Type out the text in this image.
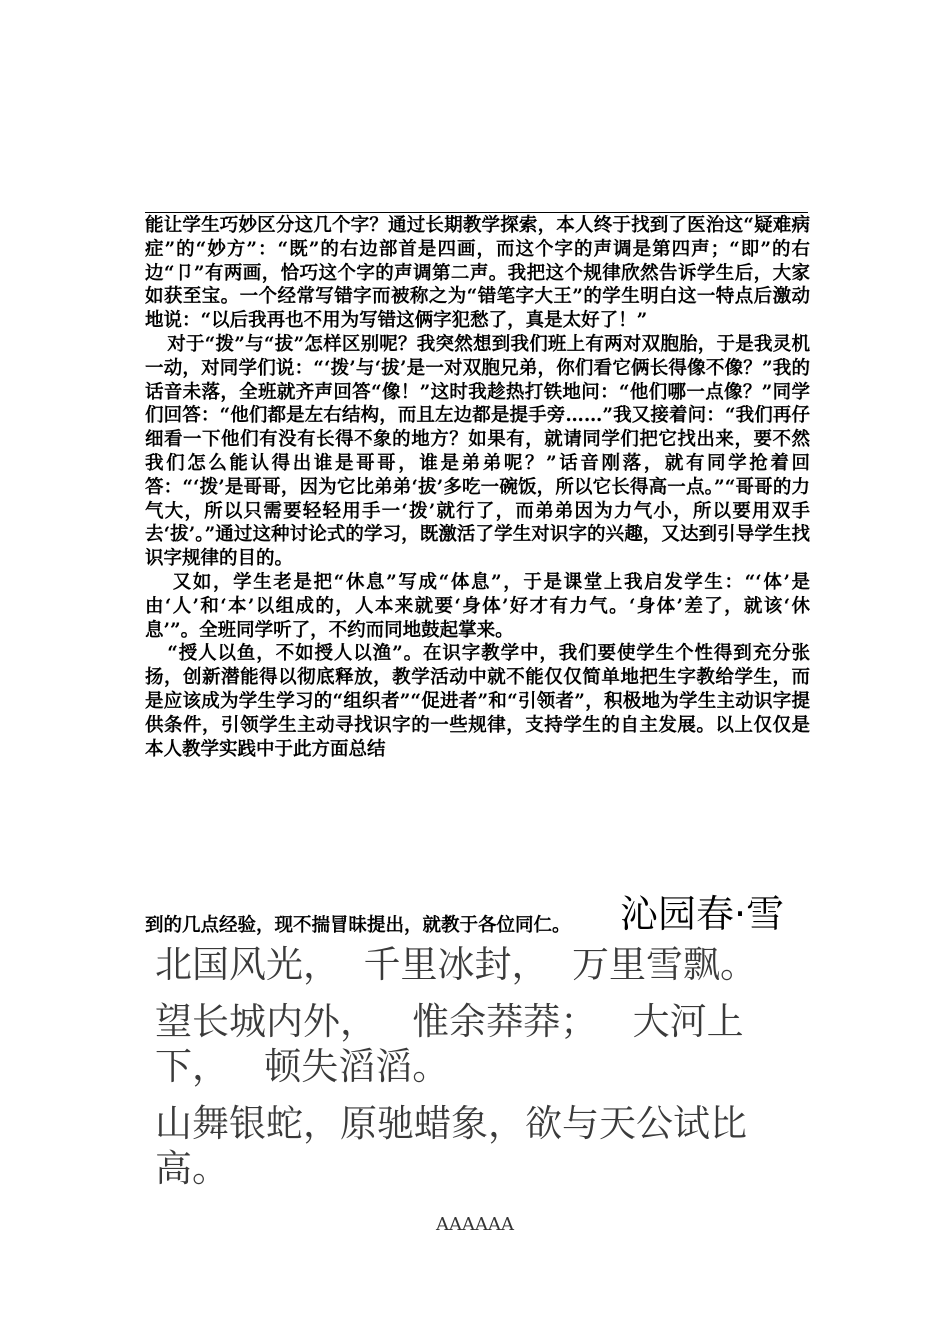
能让学生巧妙区分这几个字？通过长期教学探索，本人终于找到了医治这“疑难病症”的“妙方”：“既”的右边部首是四画，而这个字的声调是第四声；“即”的右边“卩”有两画，恰巧这个字的声调第二声。我把这个规律欣然告诉学生后，大家如获至宝。一个经常写错字而被称之为“错笔字大王”的学生明白这一特点后激动地说：“以后我再也不用为写错这俩字犯愁了，真是太好了！”

对于“拨”与“拔”怎样区别呢？我突然想到我们班上有两对双胞胎，于是我灵机一动，对同学们说：“‘拨’与‘拔’是一对双胞兄弟，你们看它俩长得像不像？”我的话音未落，全班就齐声回答“像！”这时我趁热打铁地问：“他们哪一点像？”同学们回答：“他们都是左右结构，而且左边都是提手旁……”我又接着问：“我们再仔细看一下他们有没有长得不象的地方？如果有，就请同学们把它找出来，要不然我们怎么能认得出谁是哥哥，谁是弟弟呢？”话音刚落，就有同学抢着回答：“‘拨’是哥哥，因为它比弟弟‘拔’多吃一碗饭，所以它长得高一点。”“哥哥的力气大，所以只需要轻轻用手一‘拨’就行了，而弟弟因为力气小，所以要用双手去‘拔’。”通过这种讨论式的学习，既激活了学生对识字的兴趣，又达到引导学生找识字规律的目的。

又如，学生老是把“休息”写成“体息”，于是课堂上我启发学生：“‘体’是由‘人’和‘本’以组成的，人本来就要‘身体’好才有力气。‘身体’差了，就该‘休息’”。全班同学听了，不约而同地鼓起掌来。

“授人以鱼，不如授人以渔”。在识字教学中，我们要使学生个性得到充分张扬，创新潜能得以彻底释放，教学活动中就不能仅仅简单地把生字教给学生，而是应该成为学生学习的“组织者”“促进者”和“引领者”，积极地为学生主动识字提供条件，引领学生主动寻找识字的一些规律，支持学生的自主发展。以上仅仅是本人教学实践中于此方面总结

到的几点经验，现不揣冒昧提出，就教于各位同仁。 沁园春·雪

北国风光，  千里冰封，  万里雪飘。

望长城内外，   惟余莽莽；   大河上下，   顿失滔滔。

山舞银蛇，原驰蜡象，欲与天公试比高。

AAAAAA
